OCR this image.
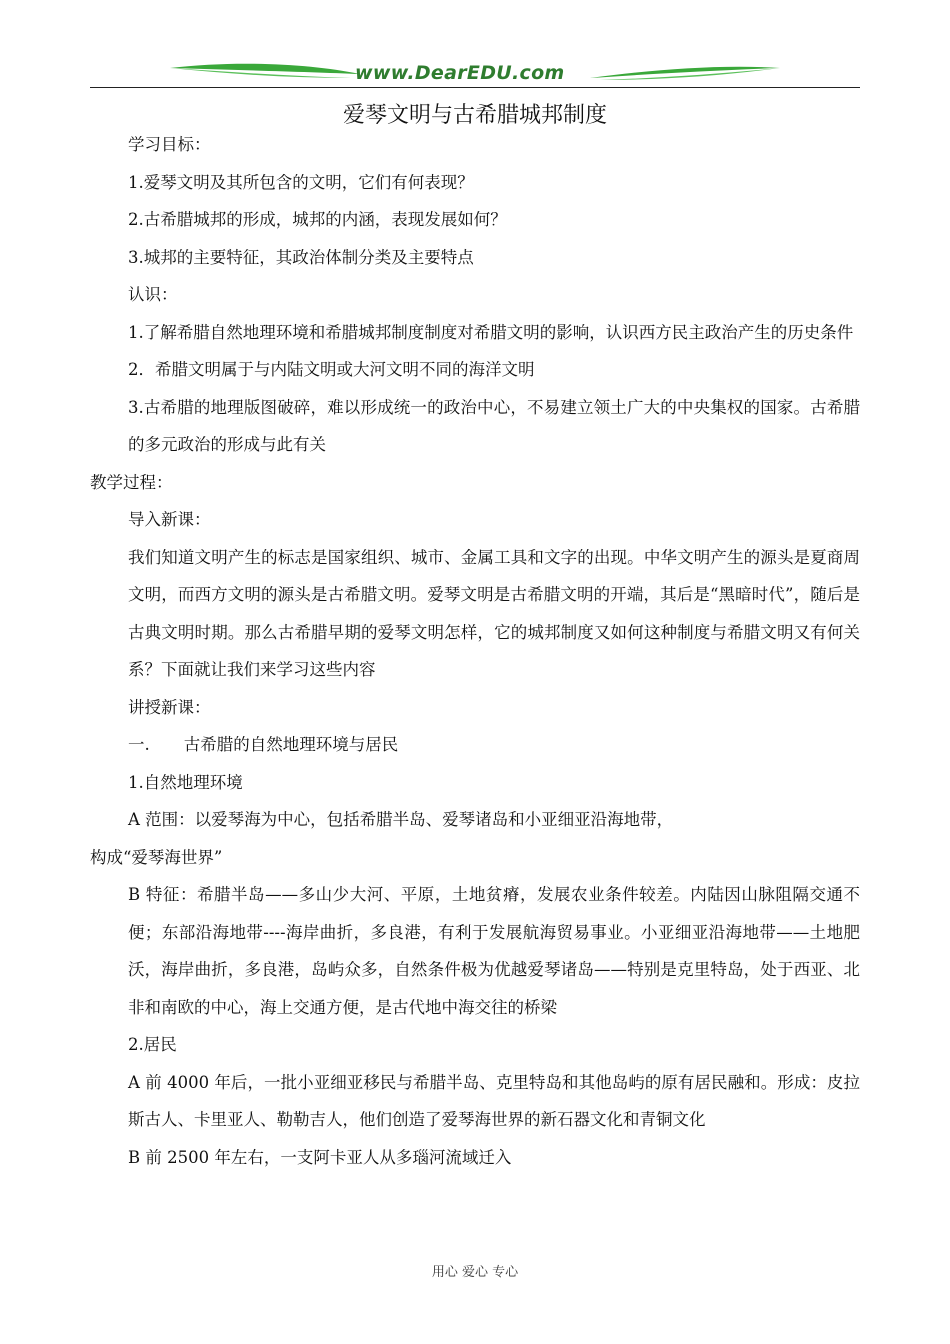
www.DearEDU.com
爱琴文明与古希腊城邦制度

学习目标：

1.爱琴文明及其所包含的文明，它们有何表现？

2.古希腊城邦的形成，城邦的内涵，表现发展如何？

3.城邦的主要特征，其政治体制分类及主要特点

认识：

1.了解希腊自然地理环境和希腊城邦制度制度对希腊文明的影响，认识西方民主政治产生的历史条件

2．希腊文明属于与内陆文明或大河文明不同的海洋文明

3.古希腊的地理版图破碎，难以形成统一的政治中心，不易建立领土广大的中央集权的国家。古希腊的多元政治的形成与此有关

教学过程：

导入新课：

我们知道文明产生的标志是国家组织、城市、金属工具和文字的出现。中华文明产生的源头是夏商周文明，而西方文明的源头是古希腊文明。爱琴文明是古希腊文明的开端，其后是“黑暗时代”，随后是古典文明时期。那么古希腊早期的爱琴文明怎样，它的城邦制度又如何这种制度与希腊文明又有何关系？下面就让我们来学习这些内容

讲授新课：

一. 古希腊的自然地理环境与居民

1.自然地理环境

A 范围：以爱琴海为中心，包括希腊半岛、爱琴诸岛和小亚细亚沿海地带，

构成“爱琴海世界”

B 特征：希腊半岛——多山少大河、平原，土地贫瘠，发展农业条件较差。内陆因山脉阻隔交通不便；东部沿海地带----海岸曲折，多良港，有利于发展航海贸易事业。小亚细亚沿海地带——土地肥沃，海岸曲折，多良港，岛屿众多，自然条件极为优越爱琴诸岛——特别是克里特岛，处于西亚、北非和南欧的中心，海上交通方便，是古代地中海交往的桥梁

2.居民

A 前 4000 年后，一批小亚细亚移民与希腊半岛、克里特岛和其他岛屿的原有居民融和。形成：皮拉斯古人、卡里亚人、勒勒吉人，他们创造了爱琴海世界的新石器文化和青铜文化

B 前 2500 年左右，一支阿卡亚人从多瑙河流域迁入

用心 爱心 专心
